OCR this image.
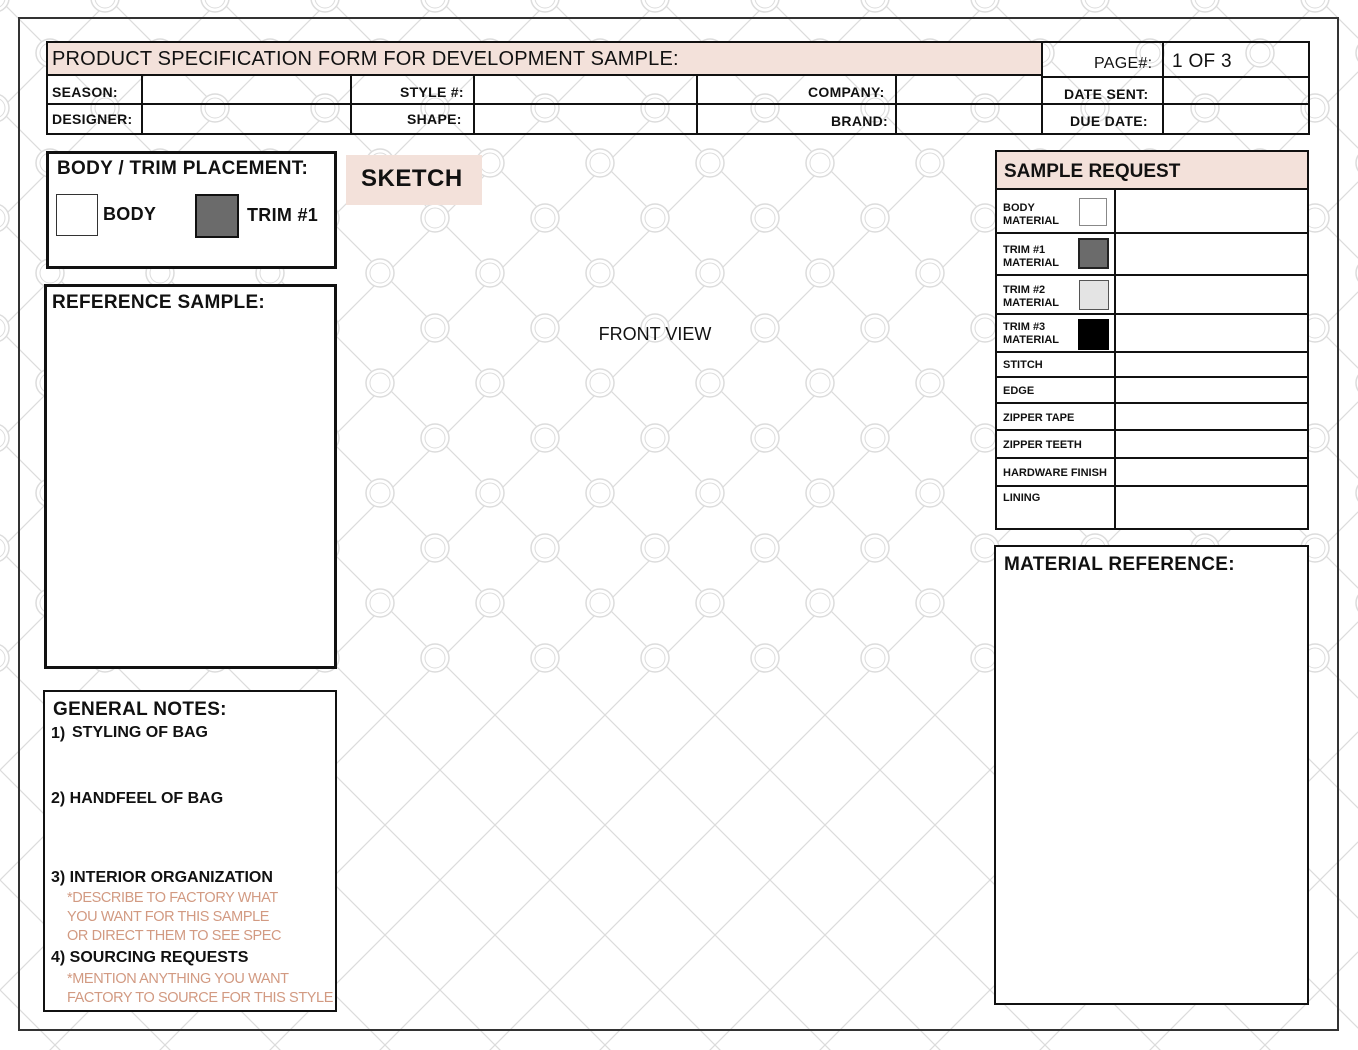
PRODUCT SPECIFICATION FORM FOR DEVELOPMENT SAMPLE:	PAGE#: 1 OF 3
SEASON:	STYLE #:	COMPANY:	DATE SENT:
DESIGNER:	SHAPE:	BRAND:	DUE DATE:
BODY / TRIM PLACEMENT:
BODY	TRIM #1
REFERENCE SAMPLE:
GENERAL NOTES:
1) STYLING OF BAG
2) HANDFEEL OF BAG
3) INTERIOR ORGANIZATION
*DESCRIBE TO FACTORY WHAT
YOU WANT FOR THIS SAMPLE
OR DIRECT THEM TO SEE SPEC
4) SOURCING REQUESTS
*MENTION ANYTHING YOU WANT
FACTORY TO SOURCE FOR THIS STYLE
SKETCH
FRONT VIEW
SAMPLE REQUEST
BODY
MATERIAL
TRIM #1
MATERIAL
TRIM #2
MATERIAL
TRIM #3
MATERIAL
STITCH
EDGE
ZIPPER TAPE
ZIPPER TEETH
HARDWARE FINISH
LINING
MATERIAL REFERENCE:
